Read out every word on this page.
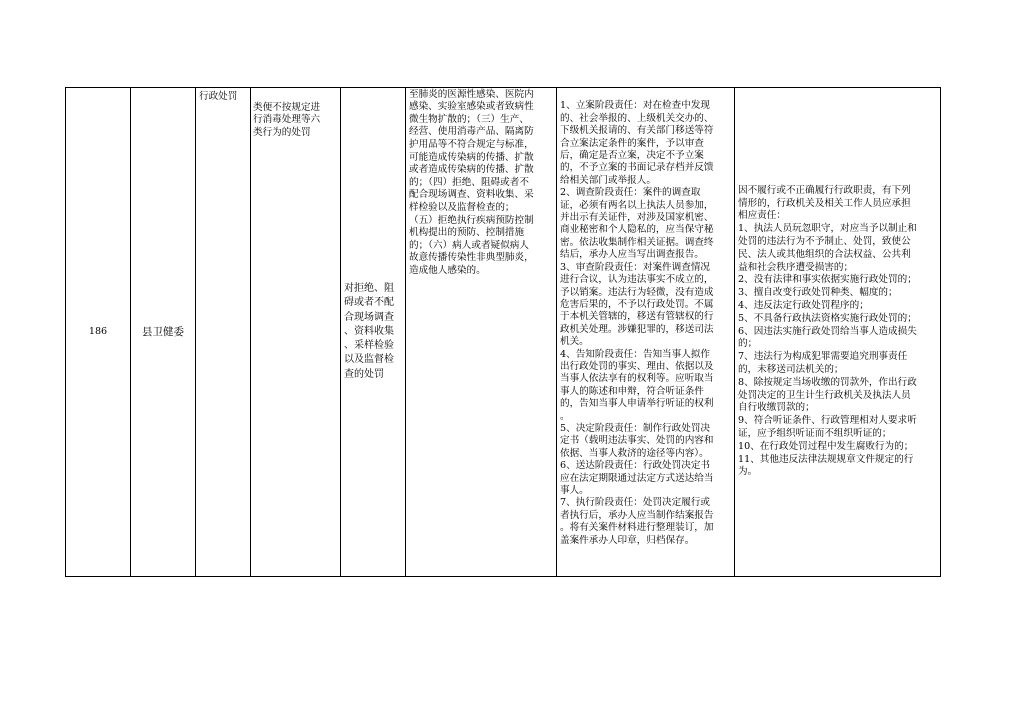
186	县卫健委

行政处罚

类便不按规定进
行消毒处理等六
类行为的处罚

对拒绝、阻
碍或者不配
合现场调查
、资料收集
、采样检验
以及监督检
查的处罚

至肺炎的医源性感染、医院内
感染、实验室感染或者致病性
微生物扩散的；（三）生产、
经营、使用消毒产品、隔离防
护用品等不符合规定与标准，
可能造成传染病的传播、扩散
或者造成传染病的传播、扩散
的；（四）拒绝、阻碍或者不
配合现场调查、资料收集、采
样检验以及监督检查的；
（五）拒绝执行疾病预防控制
机构提出的预防、控制措施
的；（六）病人或者疑似病人
故意传播传染性非典型肺炎，
造成他人感染的。

1、立案阶段责任：对在检查中发现
的、社会举报的、上级机关交办的、
下级机关报请的、有关部门移送等符
合立案法定条件的案件，予以审查
后，确定是否立案，决定不予立案
的，不予立案的书面记录存档并反馈
给相关部门或举报人。
2、调查阶段责任：案件的调查取
证，必须有两名以上执法人员参加，
并出示有关证件，对涉及国家机密、
商业秘密和个人隐私的，应当保守秘
密。依法收集制作相关证据。调查终
结后，承办人应当写出调查报告。
3、审查阶段责任：对案件调查情况
进行合议，认为违法事实不成立的，
予以销案。违法行为轻微，没有造成
危害后果的，不予以行政处罚。不属
于本机关管辖的，移送有管辖权的行
政机关处理。涉嫌犯罪的，移送司法
机关。
4、告知阶段责任：告知当事人拟作
出行政处罚的事实、理由、依据以及
当事人依法享有的权利等。应听取当
事人的陈述和申辩，符合听证条件
的，告知当事人申请举行听证的权利
。
5、决定阶段责任：制作行政处罚决
定书（载明违法事实、处罚的内容和
依据、当事人救济的途径等内容）。
6、送达阶段责任：行政处罚决定书
应在法定期限通过法定方式送达给当
事人。
7、执行阶段责任：处罚决定履行或
者执行后，承办人应当制作结案报告
。将有关案件材料进行整理装订，加
盖案件承办人印章，归档保存。

因不履行或不正确履行行政职责，有下列
情形的，行政机关及相关工作人员应承担
相应责任：
1、执法人员玩忽职守，对应当予以制止和
处罚的违法行为不予制止、处罚，致使公
民、法人或其他组织的合法权益、公共利
益和社会秩序遭受损害的；
2、没有法律和事实依据实施行政处罚的；
3、擅自改变行政处罚种类、幅度的；
4、违反法定行政处罚程序的；
5、不具备行政执法资格实施行政处罚的；
6、因违法实施行政处罚给当事人造成损失
的；
7、违法行为构成犯罪需要追究刑事责任
的，未移送司法机关的；
8、除按规定当场收缴的罚款外，作出行政
处罚决定的卫生计生行政机关及执法人员
自行收缴罚款的；
9、符合听证条件、行政管理相对人要求听
证，应予组织听证而不组织听证的；
10、在行政处罚过程中发生腐败行为的；
11、其他违反法律法规规章文件规定的行
为。
